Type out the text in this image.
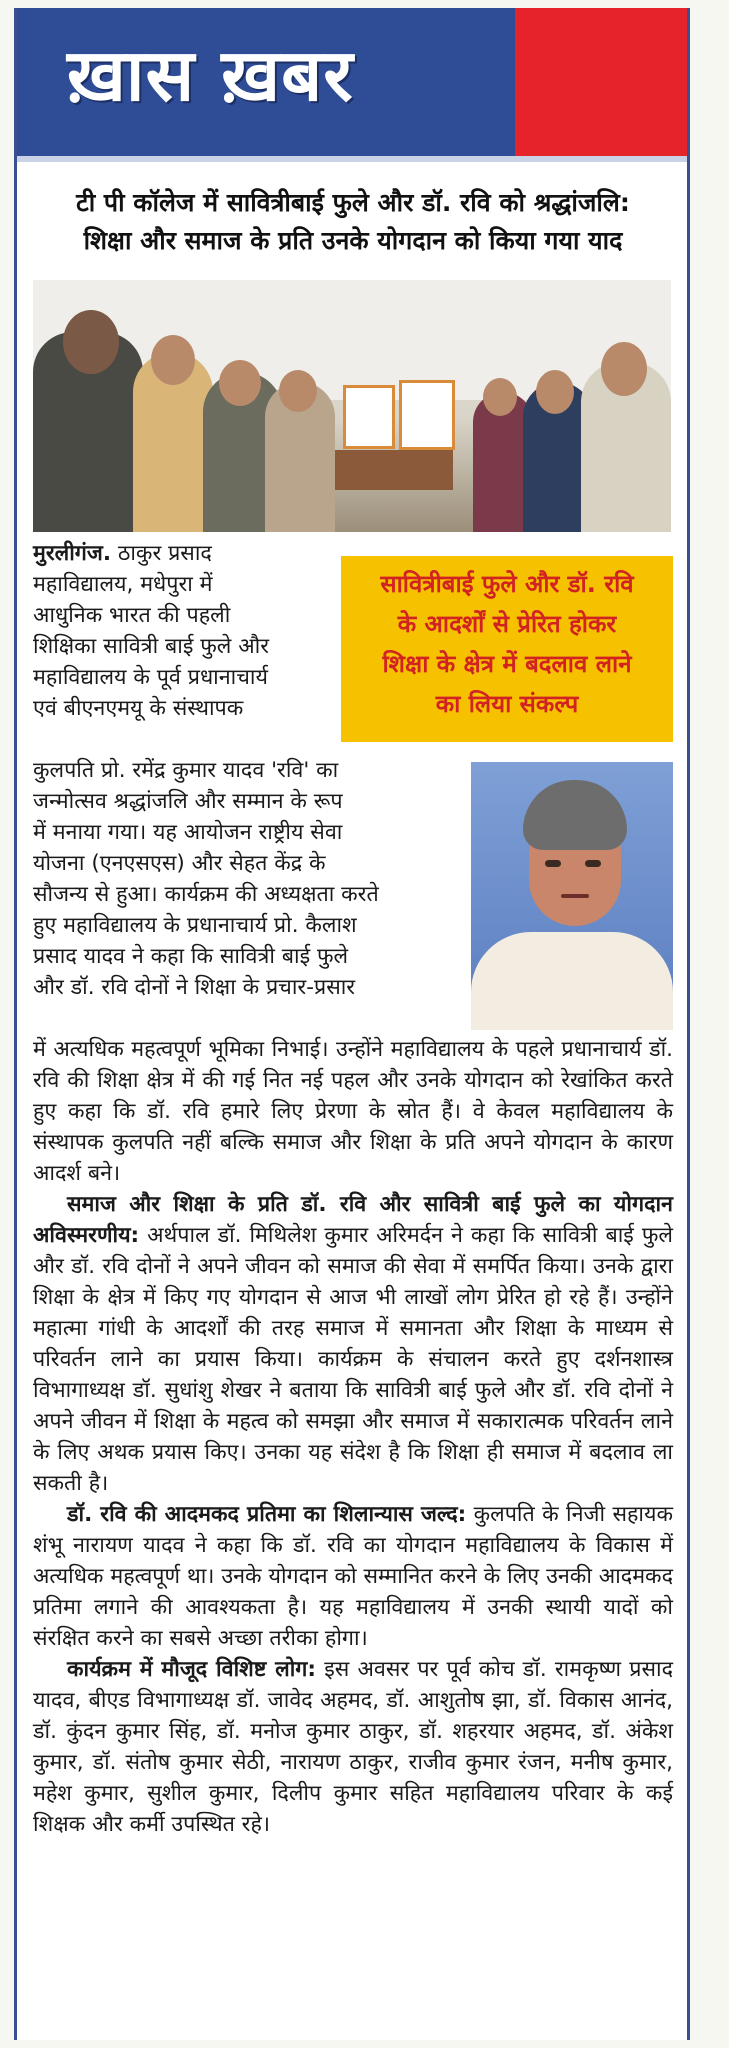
ख़ास ख़बर
टी पी कॉलेज में सावित्रीबाई फुले और डॉ. रवि को श्रद्धांजलि:
शिक्षा और समाज के प्रति उनके योगदान को किया गया याद
सावित्रीबाई फुले और डॉ. रवि
के आदर्शों से प्रेरित होकर
शिक्षा के क्षेत्र में बदलाव लाने
का लिया संकल्प
मुरलीगंज. ठाकुर प्रसाद
महाविद्यालय, मधेपुरा में
आधुनिक भारत की पहली
शिक्षिका सावित्री बाई फुले और
महाविद्यालय के पूर्व प्रधानाचार्य
एवं बीएनएमयू के संस्थापक
कुलपति प्रो. रमेंद्र कुमार यादव 'रवि' का
जन्मोत्सव श्रद्धांजलि और सम्मान के रूप
में मनाया गया। यह आयोजन राष्ट्रीय सेवा
योजना (एनएसएस) और सेहत केंद्र के
सौजन्य से हुआ। कार्यक्रम की अध्यक्षता करते
हुए महाविद्यालय के प्रधानाचार्य प्रो. कैलाश
प्रसाद यादव ने कहा कि सावित्री बाई फुले
और डॉ. रवि दोनों ने शिक्षा के प्रचार-प्रसार

में अत्यधिक महत्वपूर्ण भूमिका निभाई। उन्होंने महाविद्यालय के पहले प्रधानाचार्य डॉ. रवि की शिक्षा क्षेत्र में की गई नित नई पहल और उनके योगदान को रेखांकित करते हुए कहा कि डॉ. रवि हमारे लिए प्रेरणा के स्रोत हैं। वे केवल महाविद्यालय के संस्थापक कुलपति नहीं बल्कि समाज और शिक्षा के प्रति अपने योगदान के कारण आदर्श बने।

समाज और शिक्षा के प्रति डॉ. रवि और सावित्री बाई फुले का योगदान अविस्मरणीय: अर्थपाल डॉ. मिथिलेश कुमार अरिमर्दन ने कहा कि सावित्री बाई फुले और डॉ. रवि दोनों ने अपने जीवन को समाज की सेवा में समर्पित किया। उनके द्वारा शिक्षा के क्षेत्र में किए गए योगदान से आज भी लाखों लोग प्रेरित हो रहे हैं। उन्होंने महात्मा गांधी के आदर्शों की तरह समाज में समानता और शिक्षा के माध्यम से परिवर्तन लाने का प्रयास किया। कार्यक्रम के संचालन करते हुए दर्शनशास्त्र विभागाध्यक्ष डॉ. सुधांशु शेखर ने बताया कि सावित्री बाई फुले और डॉ. रवि दोनों ने अपने जीवन में शिक्षा के महत्व को समझा और समाज में सकारात्मक परिवर्तन लाने के लिए अथक प्रयास किए। उनका यह संदेश है कि शिक्षा ही समाज में बदलाव ला सकती है।

डॉ. रवि की आदमकद प्रतिमा का शिलान्यास जल्द: कुलपति के निजी सहायक शंभू नारायण यादव ने कहा कि डॉ. रवि का योगदान महाविद्यालय के विकास में अत्यधिक महत्वपूर्ण था। उनके योगदान को सम्मानित करने के लिए उनकी आदमकद प्रतिमा लगाने की आवश्यकता है। यह महाविद्यालय में उनकी स्थायी यादों को संरक्षित करने का सबसे अच्छा तरीका होगा।

कार्यक्रम में मौजूद विशिष्ट लोग: इस अवसर पर पूर्व कोच डॉ. रामकृष्ण प्रसाद यादव, बीएड विभागाध्यक्ष डॉ. जावेद अहमद, डॉ. आशुतोष झा, डॉ. विकास आनंद, डॉ. कुंदन कुमार सिंह, डॉ. मनोज कुमार ठाकुर, डॉ. शहरयार अहमद, डॉ. अंकेश कुमार, डॉ. संतोष कुमार सेठी, नारायण ठाकुर, राजीव कुमार रंजन, मनीष कुमार, महेश कुमार, सुशील कुमार, दिलीप कुमार सहित महाविद्यालय परिवार के कई शिक्षक और कर्मी उपस्थित रहे।
